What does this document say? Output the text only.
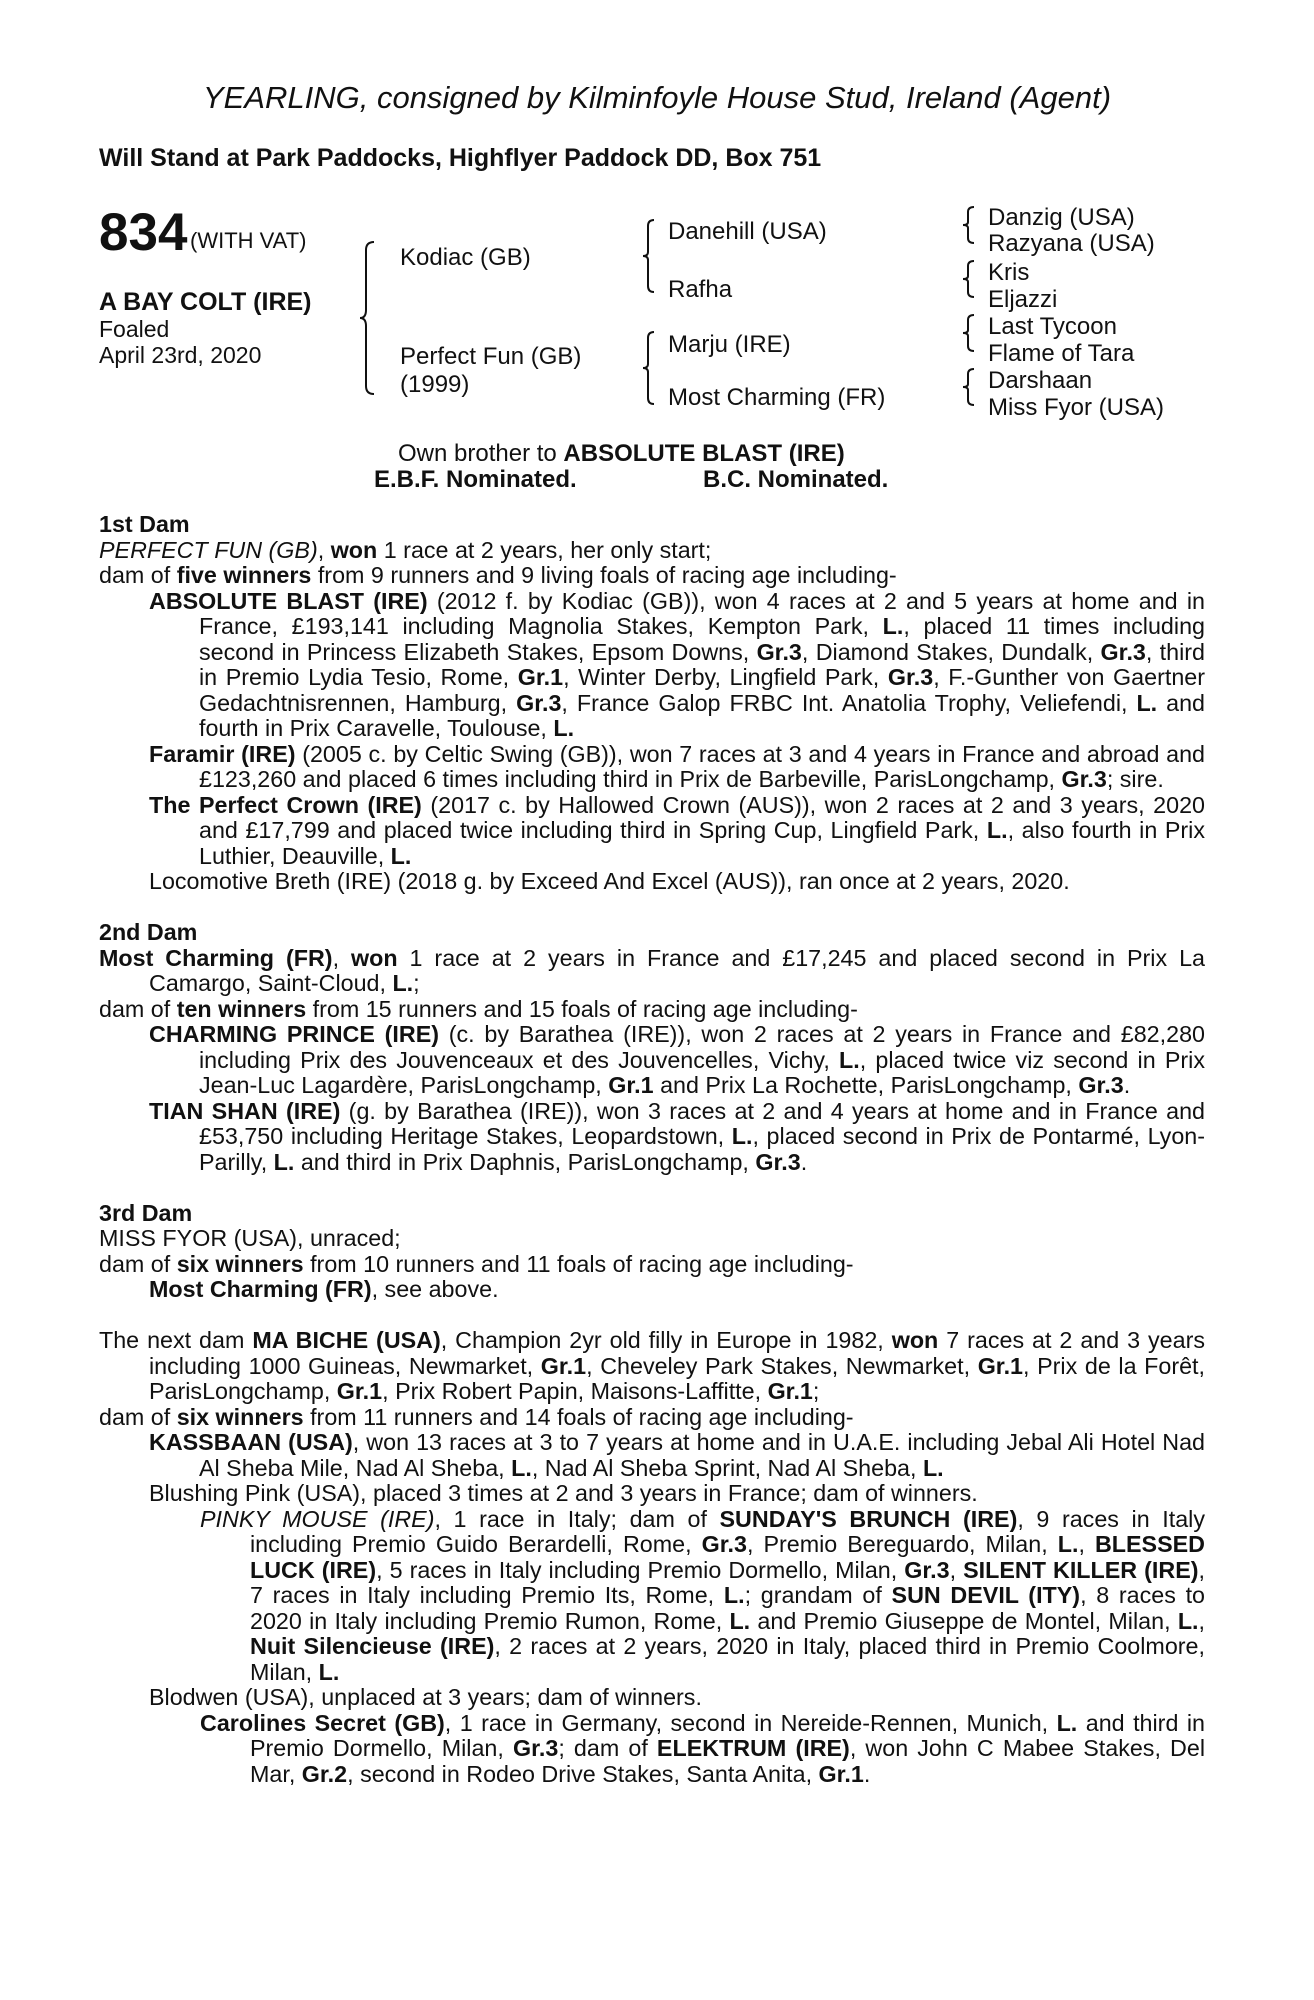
YEARLING, consigned by Kilminfoyle House Stud, Ireland (Agent)
Will Stand at Park Paddocks, Highflyer Paddock DD, Box 751
834 (WITH VAT)
A BAY COLT (IRE)
Foaled
April 23rd, 2020
Kodiac (GB)
Perfect Fun (GB)
(1999)
Danehill (USA)
Rafha
Marju (IRE)
Most Charming (FR)
Danzig (USA)
Razyana (USA)
Kris
Eljazzi
Last Tycoon
Flame of Tara
Darshaan
Miss Fyor (USA)
Own brother to ABSOLUTE BLAST (IRE)
E.B.F. Nominated.	B.C. Nominated.
1st Dam
PERFECT FUN (GB), won 1 race at 2 years, her only start;
dam of five winners from 9 runners and 9 living foals of racing age including-
ABSOLUTE BLAST (IRE) (2012 f. by Kodiac (GB)), won 4 races at 2 and 5 years at home and in France, £193,141 including Magnolia Stakes, Kempton Park, L., placed 11 times including second in Princess Elizabeth Stakes, Epsom Downs, Gr.3, Diamond Stakes, Dundalk, Gr.3, third in Premio Lydia Tesio, Rome, Gr.1, Winter Derby, Lingfield Park, Gr.3, F.-Gunther von Gaertner Gedachtnisrennen, Hamburg, Gr.3, France Galop FRBC Int. Anatolia Trophy, Veliefendi, L. and fourth in Prix Caravelle, Toulouse, L.
Faramir (IRE) (2005 c. by Celtic Swing (GB)), won 7 races at 3 and 4 years in France and abroad and £123,260 and placed 6 times including third in Prix de Barbeville, ParisLongchamp, Gr.3; sire.
The Perfect Crown (IRE) (2017 c. by Hallowed Crown (AUS)), won 2 races at 2 and 3 years, 2020 and £17,799 and placed twice including third in Spring Cup, Lingfield Park, L., also fourth in Prix Luthier, Deauville, L.
Locomotive Breth (IRE) (2018 g. by Exceed And Excel (AUS)), ran once at 2 years, 2020.
2nd Dam
Most Charming (FR), won 1 race at 2 years in France and £17,245 and placed second in Prix La Camargo, Saint-Cloud, L.;
dam of ten winners from 15 runners and 15 foals of racing age including-
CHARMING PRINCE (IRE) (c. by Barathea (IRE)), won 2 races at 2 years in France and £82,280 including Prix des Jouvenceaux et des Jouvencelles, Vichy, L., placed twice viz second in Prix Jean-Luc Lagardère, ParisLongchamp, Gr.1 and Prix La Rochette, ParisLongchamp, Gr.3.
TIAN SHAN (IRE) (g. by Barathea (IRE)), won 3 races at 2 and 4 years at home and in France and £53,750 including Heritage Stakes, Leopardstown, L., placed second in Prix de Pontarmé, Lyon-Parilly, L. and third in Prix Daphnis, ParisLongchamp, Gr.3.
3rd Dam
MISS FYOR (USA), unraced;
dam of six winners from 10 runners and 11 foals of racing age including-
Most Charming (FR), see above.
The next dam MA BICHE (USA), Champion 2yr old filly in Europe in 1982, won 7 races at 2 and 3 years including 1000 Guineas, Newmarket, Gr.1, Cheveley Park Stakes, Newmarket, Gr.1, Prix de la Forêt, ParisLongchamp, Gr.1, Prix Robert Papin, Maisons-Laffitte, Gr.1;
dam of six winners from 11 runners and 14 foals of racing age including-
KASSBAAN (USA), won 13 races at 3 to 7 years at home and in U.A.E. including Jebal Ali Hotel Nad Al Sheba Mile, Nad Al Sheba, L., Nad Al Sheba Sprint, Nad Al Sheba, L.
Blushing Pink (USA), placed 3 times at 2 and 3 years in France; dam of winners.
PINKY MOUSE (IRE), 1 race in Italy; dam of SUNDAY'S BRUNCH (IRE), 9 races in Italy including Premio Guido Berardelli, Rome, Gr.3, Premio Bereguardo, Milan, L., BLESSED LUCK (IRE), 5 races in Italy including Premio Dormello, Milan, Gr.3, SILENT KILLER (IRE), 7 races in Italy including Premio Its, Rome, L.; grandam of SUN DEVIL (ITY), 8 races to 2020 in Italy including Premio Rumon, Rome, L. and Premio Giuseppe de Montel, Milan, L., Nuit Silencieuse (IRE), 2 races at 2 years, 2020 in Italy, placed third in Premio Coolmore, Milan, L.
Blodwen (USA), unplaced at 3 years; dam of winners.
Carolines Secret (GB), 1 race in Germany, second in Nereide-Rennen, Munich, L. and third in Premio Dormello, Milan, Gr.3; dam of ELEKTRUM (IRE), won John C Mabee Stakes, Del Mar, Gr.2, second in Rodeo Drive Stakes, Santa Anita, Gr.1.
